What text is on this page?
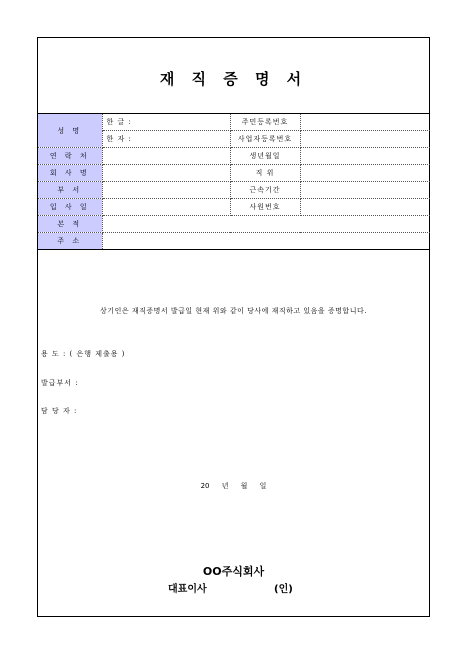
재 직 증 명 서
성 명	한 글 :	주민등록번호	
	한 자 :	사업자등록번호	
연 락 처		생년월일	
회 사 명		직 위	
부 서		근속기간	
입 사 일		사원번호	
본 적			
주 소			
상기인은 재직증명서 발급일 현재 위와 같이 당사에 재직하고 있음을 증명합니다.
용 도 : ( 은행 제출용 )
발급부서 :
담 당 자 :
20 년 월 일
OO주식회사
대표이사	(인)
